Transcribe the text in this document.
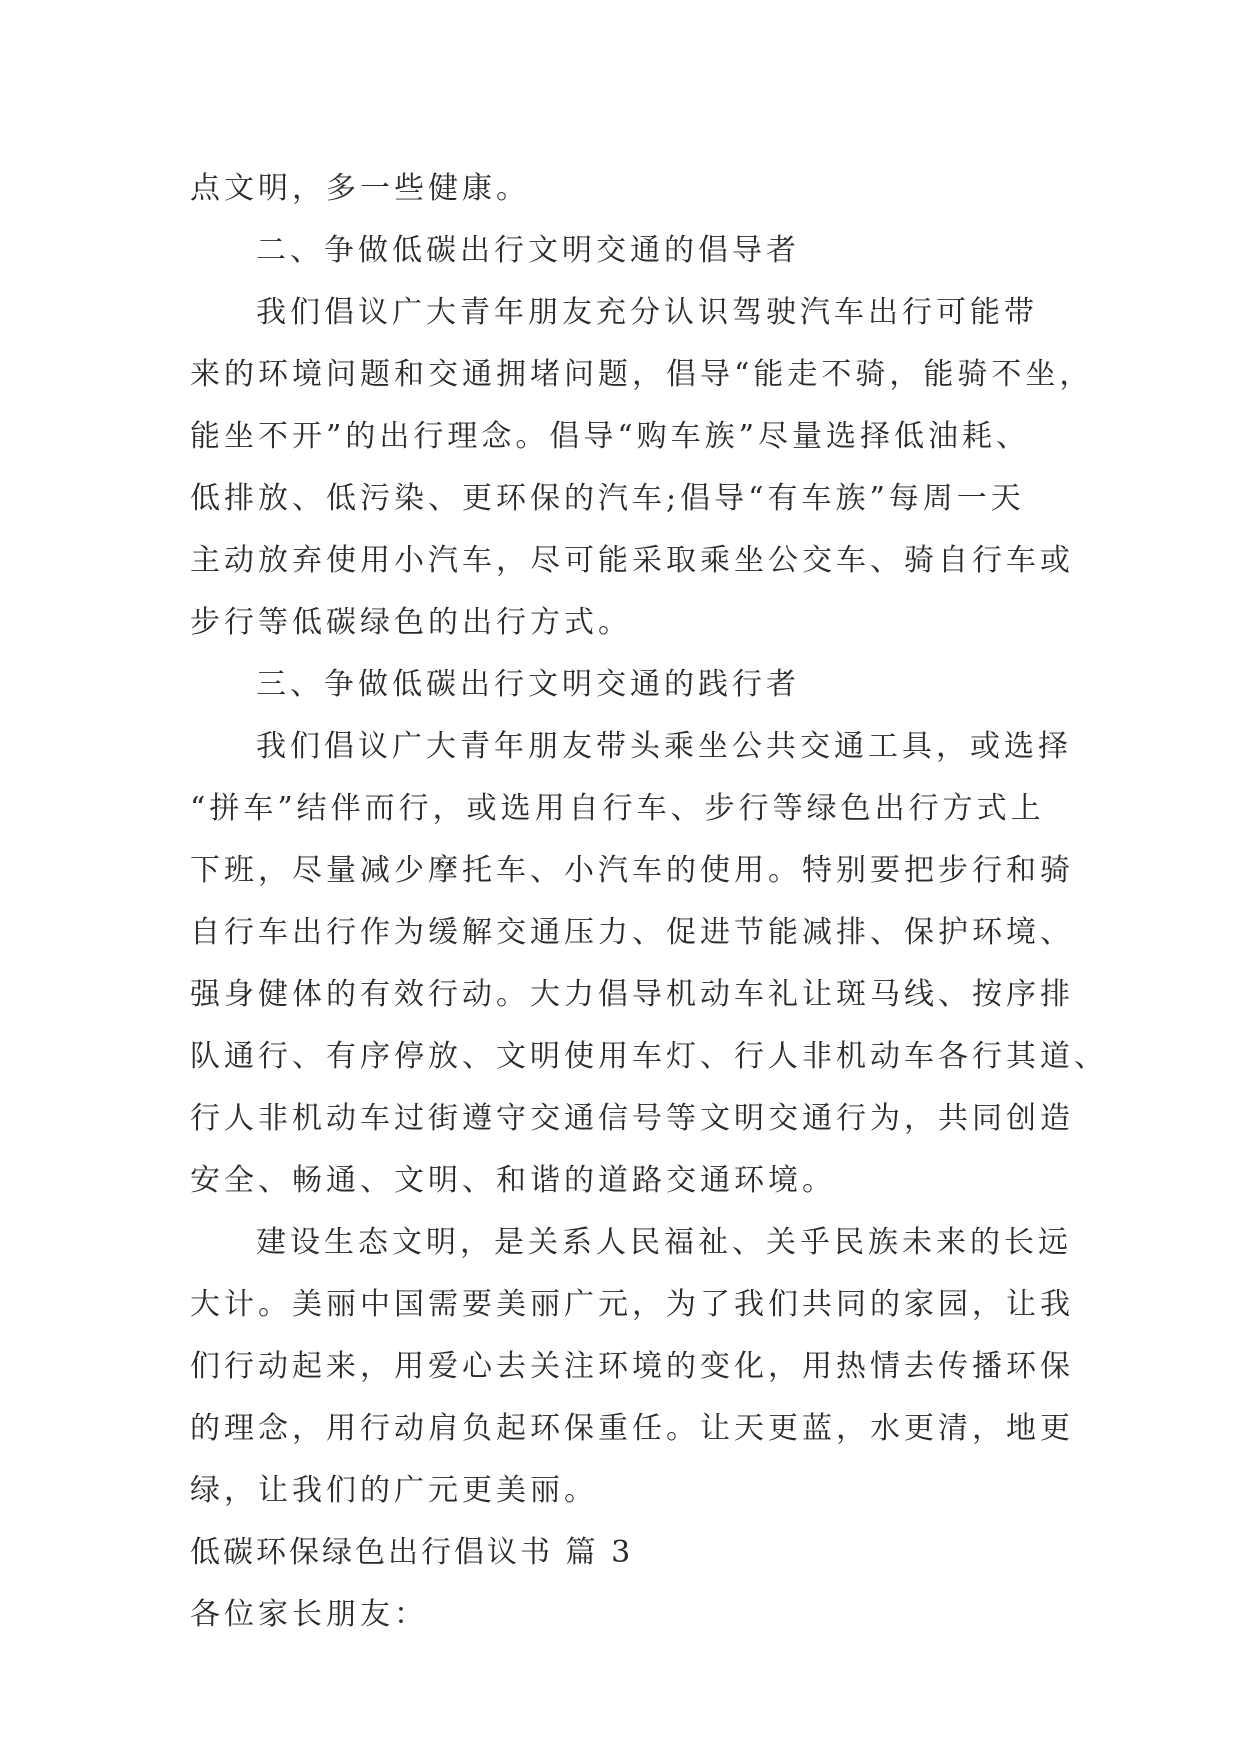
点文明，多一些健康。
二、争做低碳出行文明交通的倡导者
我们倡议广大青年朋友充分认识驾驶汽车出行可能带
来的环境问题和交通拥堵问题，倡导“能走不骑，能骑不坐，
能坐不开”的出行理念。倡导“购车族”尽量选择低油耗、
低排放、低污染、更环保的汽车;倡导“有车族”每周一天
主动放弃使用小汽车，尽可能采取乘坐公交车、骑自行车或
步行等低碳绿色的出行方式。
三、争做低碳出行文明交通的践行者
我们倡议广大青年朋友带头乘坐公共交通工具，或选择
“拼车”结伴而行，或选用自行车、步行等绿色出行方式上
下班，尽量减少摩托车、小汽车的使用。特别要把步行和骑
自行车出行作为缓解交通压力、促进节能减排、保护环境、
强身健体的有效行动。大力倡导机动车礼让斑马线、按序排
队通行、有序停放、文明使用车灯、行人非机动车各行其道、
行人非机动车过街遵守交通信号等文明交通行为，共同创造
安全、畅通、文明、和谐的道路交通环境。
建设生态文明，是关系人民福祉、关乎民族未来的长远
大计。美丽中国需要美丽广元，为了我们共同的家园，让我
们行动起来，用爱心去关注环境的变化，用热情去传播环保
的理念，用行动肩负起环保重任。让天更蓝，水更清，地更
绿，让我们的广元更美丽。
低碳环保绿色出行倡议书 篇 3
各位家长朋友：
